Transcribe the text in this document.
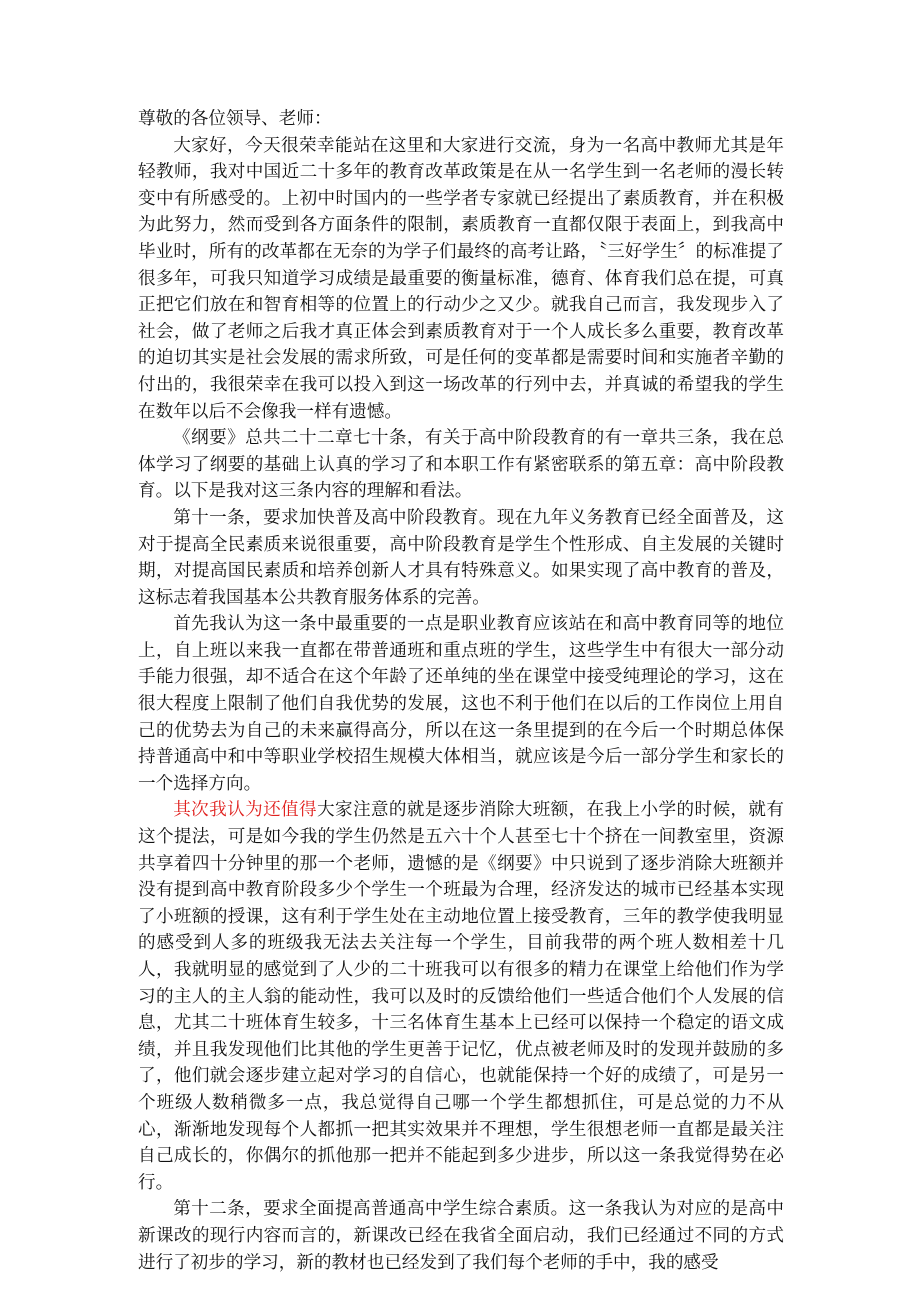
尊敬的各位领导、老师：

大家好，今天很荣幸能站在这里和大家进行交流，身为一名高中教师尤其是年轻教师，我对中国近二十多年的教育改革政策是在从一名学生到一名老师的漫长转变中有所感受的。上初中时国内的一些学者专家就已经提出了素质教育，并在积极为此努力，然而受到各方面条件的限制，素质教育一直都仅限于表面上，到我高中毕业时，所有的改革都在无奈的为学子们最终的高考让路，〝三好学生〞的标准提了很多年，可我只知道学习成绩是最重要的衡量标准，德育、体育我们总在提，可真正把它们放在和智育相等的位置上的行动少之又少。就我自己而言，我发现步入了社会，做了老师之后我才真正体会到素质教育对于一个人成长多么重要，教育改革的迫切其实是社会发展的需求所致，可是任何的变革都是需要时间和实施者辛勤的付出的，我很荣幸在我可以投入到这一场改革的行列中去，并真诚的希望我的学生在数年以后不会像我一样有遗憾。

《纲要》总共二十二章七十条，有关于高中阶段教育的有一章共三条，我在总体学习了纲要的基础上认真的学习了和本职工作有紧密联系的第五章：高中阶段教育。以下是我对这三条内容的理解和看法。

第十一条，要求加快普及高中阶段教育。现在九年义务教育已经全面普及，这对于提高全民素质来说很重要，高中阶段教育是学生个性形成、自主发展的关键时期，对提高国民素质和培养创新人才具有特殊意义。如果实现了高中教育的普及，这标志着我国基本公共教育服务体系的完善。

首先我认为这一条中最重要的一点是职业教育应该站在和高中教育同等的地位上，自上班以来我一直都在带普通班和重点班的学生，这些学生中有很大一部分动手能力很强，却不适合在这个年龄了还单纯的坐在课堂中接受纯理论的学习，这在很大程度上限制了他们自我优势的发展，这也不利于他们在以后的工作岗位上用自己的优势去为自己的未来赢得高分，所以在这一条里提到的在今后一个时期总体保持普通高中和中等职业学校招生规模大体相当，就应该是今后一部分学生和家长的一个选择方向。

其次我认为还值得大家注意的就是逐步消除大班额，在我上小学的时候，就有这个提法，可是如今我的学生仍然是五六十个人甚至七十个挤在一间教室里，资源共享着四十分钟里的那一个老师，遗憾的是《纲要》中只说到了逐步消除大班额并没有提到高中教育阶段多少个学生一个班最为合理，经济发达的城市已经基本实现了小班额的授课，这有利于学生处在主动地位置上接受教育，三年的教学使我明显的感受到人多的班级我无法去关注每一个学生，目前我带的两个班人数相差十几人，我就明显的感觉到了人少的二十班我可以有很多的精力在课堂上给他们作为学习的主人的主人翁的能动性，我可以及时的反馈给他们一些适合他们个人发展的信息，尤其二十班体育生较多，十三名体育生基本上已经可以保持一个稳定的语文成绩，并且我发现他们比其他的学生更善于记忆，优点被老师及时的发现并鼓励的多了，他们就会逐步建立起对学习的自信心，也就能保持一个好的成绩了，可是另一个班级人数稍微多一点，我总觉得自己哪一个学生都想抓住，可是总觉的力不从心，渐渐地发现每个人都抓一把其实效果并不理想，学生很想老师一直都是最关注自己成长的，你偶尔的抓他那一把并不能起到多少进步，所以这一条我觉得势在必行。

第十二条，要求全面提高普通高中学生综合素质。这一条我认为对应的是高中新课改的现行内容而言的，新课改已经在我省全面启动，我们已经通过不同的方式进行了初步的学习，新的教材也已经发到了我们每个老师的手中，我的感受
